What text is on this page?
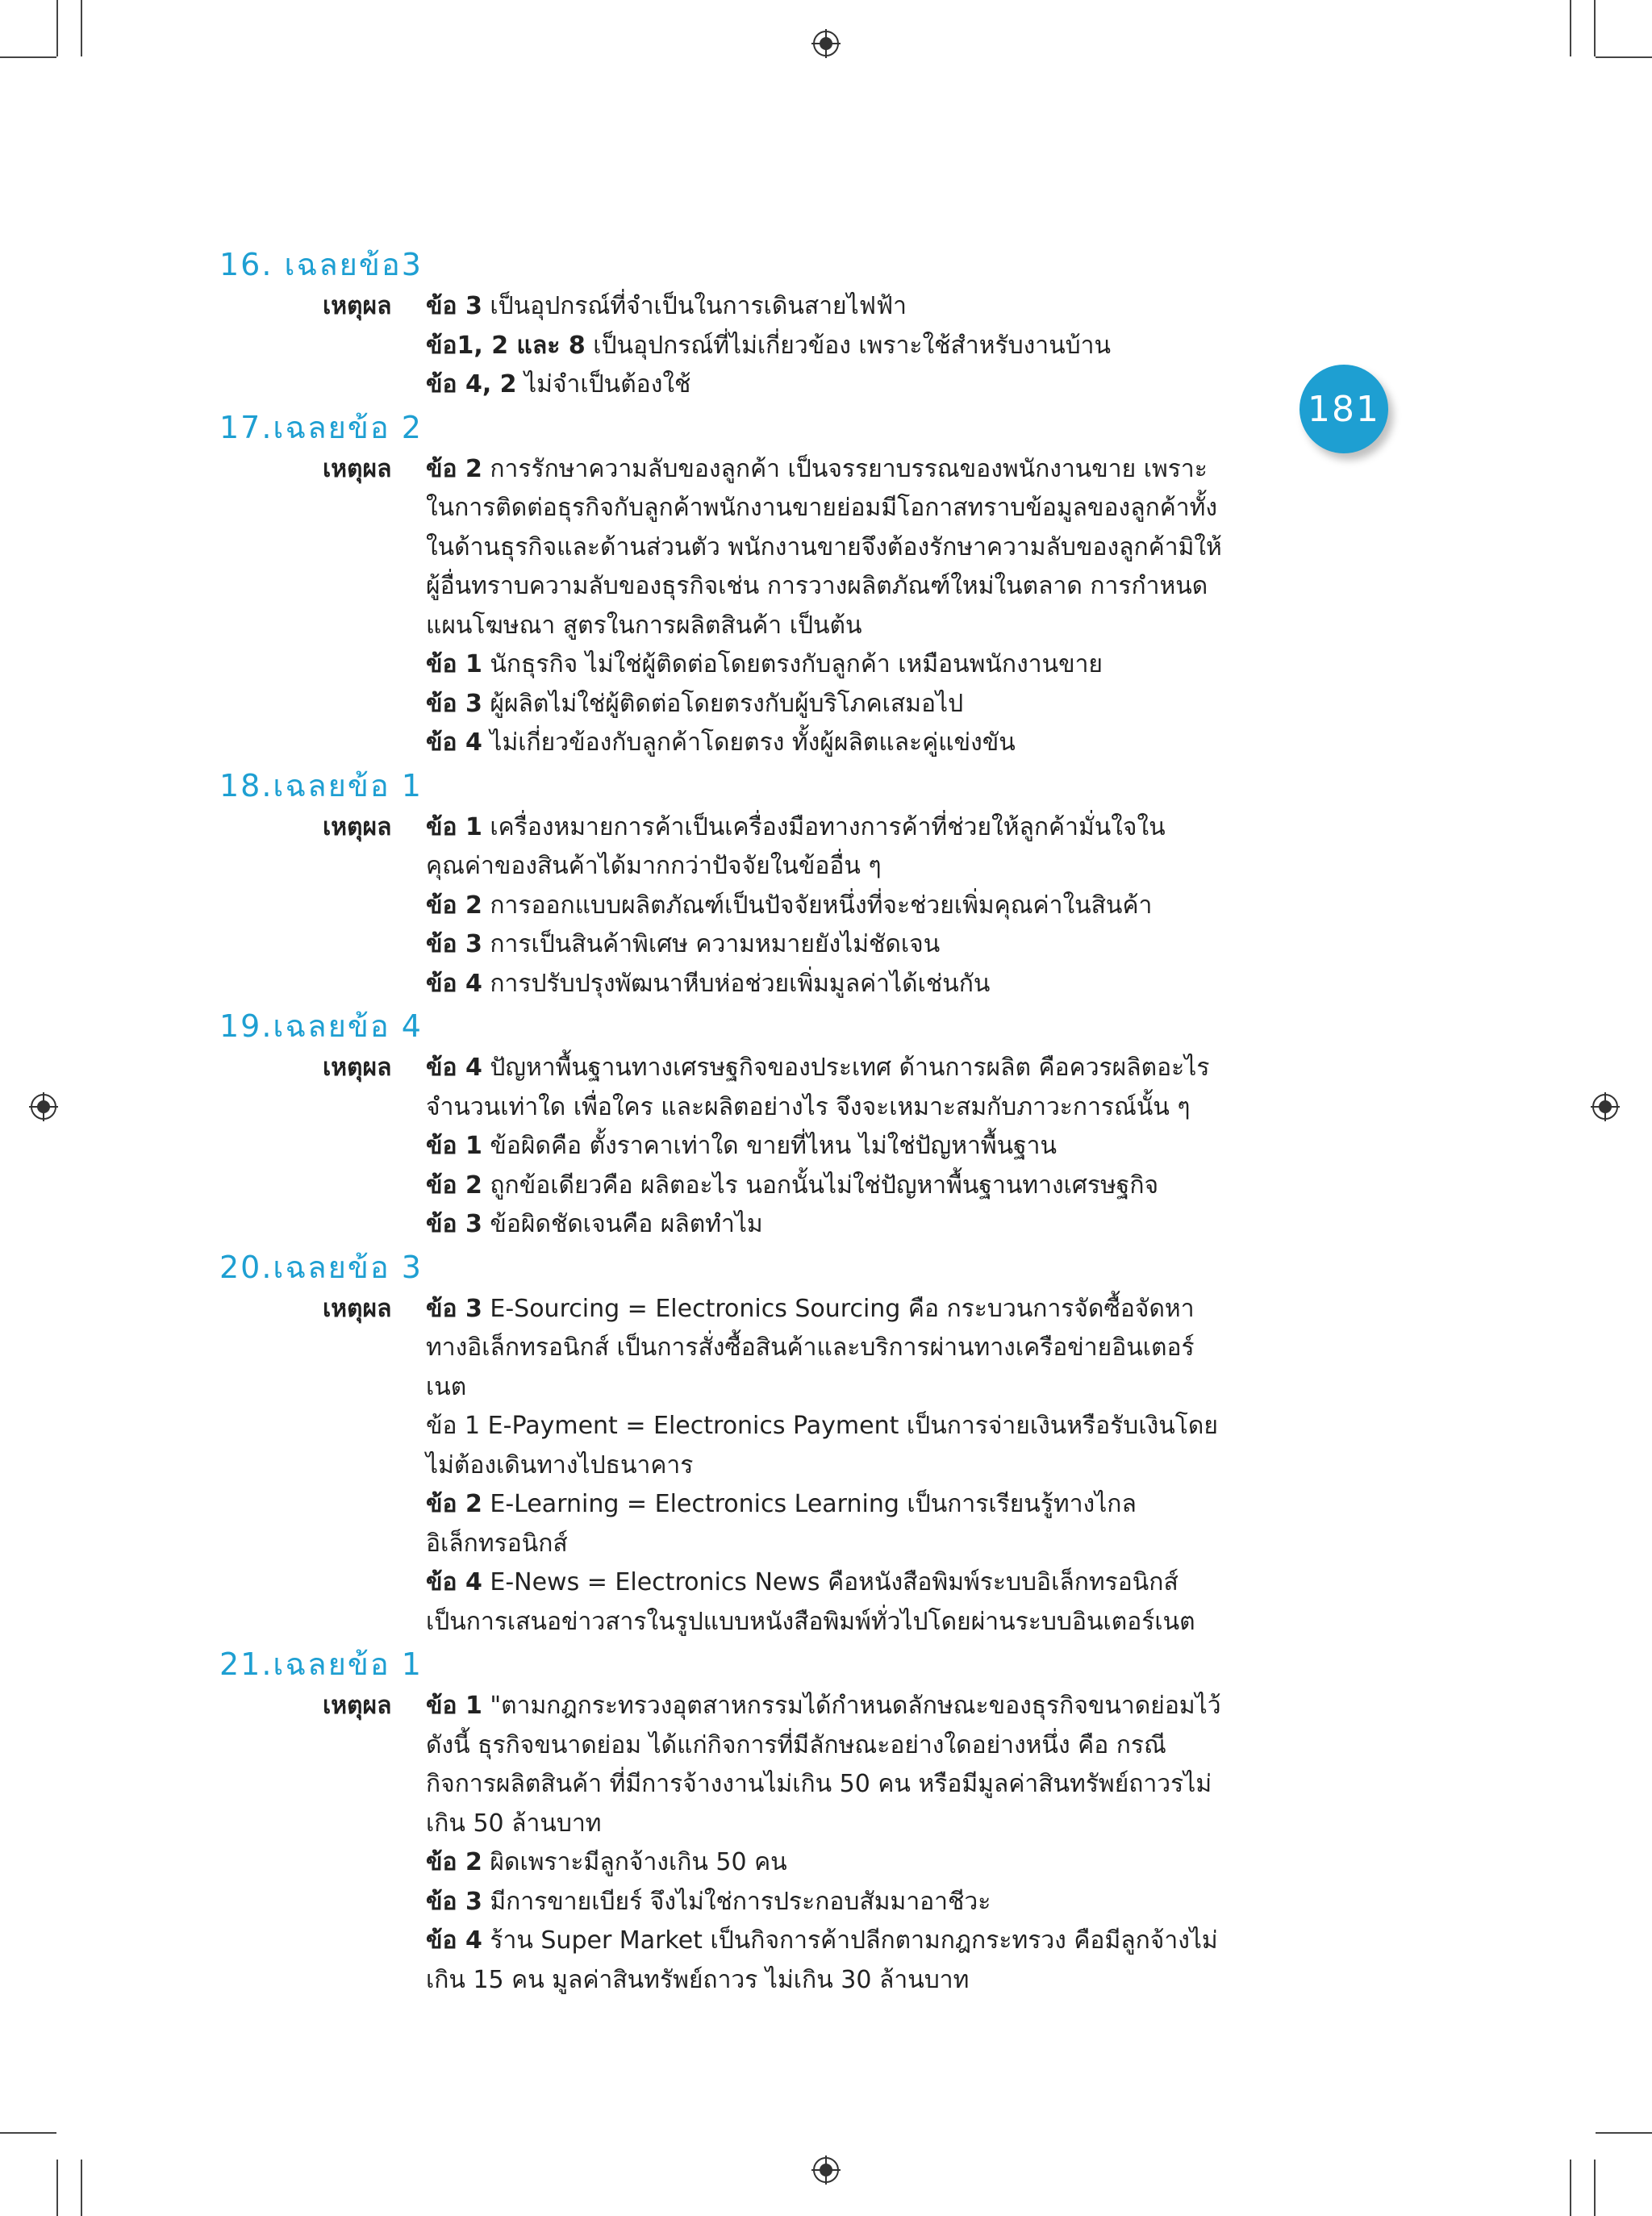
181
16. เฉลยข้อ3
เหตุผล	ข้อ 3 เป็นอุปกรณ์ที่จำเป็นในการเดินสายไฟฟ้า

ข้อ1, 2 และ 8 เป็นอุปกรณ์ที่ไม่เกี่ยวข้อง เพราะใช้สำหรับงานบ้าน

ข้อ 4, 2 ไม่จำเป็นต้องใช้

17.เฉลยข้อ 2
เหตุผล	ข้อ 2 การรักษาความลับของลูกค้า เป็นจรรยาบรรณของพนักงานขาย เพราะในการติดต่อธุรกิจกับลูกค้าพนักงานขายย่อมมีโอกาสทราบข้อมูลของลูกค้าทั้งในด้านธุรกิจและด้านส่วนตัว พนักงานขายจึงต้องรักษาความลับของลูกค้ามิให้ผู้อื่นทราบความลับของธุรกิจเช่น การวางผลิตภัณฑ์ใหม่ในตลาด การกำหนดแผนโฆษณา สูตรในการผลิตสินค้า เป็นต้น

ข้อ 1 นักธุรกิจ ไม่ใช่ผู้ติดต่อโดยตรงกับลูกค้า เหมือนพนักงานขาย

ข้อ 3 ผู้ผลิตไม่ใช่ผู้ติดต่อโดยตรงกับผู้บริโภคเสมอไป

ข้อ 4 ไม่เกี่ยวข้องกับลูกค้าโดยตรง ทั้งผู้ผลิตและคู่แข่งขัน

18.เฉลยข้อ 1
เหตุผล	ข้อ 1 เครื่องหมายการค้าเป็นเครื่องมือทางการค้าที่ช่วยให้ลูกค้ามั่นใจในคุณค่าของสินค้าได้มากกว่าปัจจัยในข้ออื่น ๆ

ข้อ 2 การออกแบบผลิตภัณฑ์เป็นปัจจัยหนึ่งที่จะช่วยเพิ่มคุณค่าในสินค้า

ข้อ 3 การเป็นสินค้าพิเศษ ความหมายยังไม่ชัดเจน

ข้อ 4 การปรับปรุงพัฒนาหีบห่อช่วยเพิ่มมูลค่าได้เช่นกัน

19.เฉลยข้อ 4
เหตุผล	ข้อ 4 ปัญหาพื้นฐานทางเศรษฐกิจของประเทศ ด้านการผลิต คือควรผลิตอะไร จำนวนเท่าใด เพื่อใคร และผลิตอย่างไร จึงจะเหมาะสมกับภาวะการณ์นั้น ๆ

ข้อ 1 ข้อผิดคือ ตั้งราคาเท่าใด ขายที่ไหน ไม่ใช่ปัญหาพื้นฐาน

ข้อ 2 ถูกข้อเดียวคือ ผลิตอะไร นอกนั้นไม่ใช่ปัญหาพื้นฐานทางเศรษฐกิจ

ข้อ 3 ข้อผิดชัดเจนคือ ผลิตทำไม

20.เฉลยข้อ 3
เหตุผล	ข้อ 3 E-Sourcing = Electronics Sourcing คือ กระบวนการจัดซื้อจัดหาทางอิเล็กทรอนิกส์ เป็นการสั่งซื้อสินค้าและบริการผ่านทางเครือข่ายอินเตอร์เนต

ข้อ 1 E-Payment = Electronics Payment เป็นการจ่ายเงินหรือรับเงินโดยไม่ต้องเดินทางไปธนาคาร

ข้อ 2 E-Learning = Electronics Learning เป็นการเรียนรู้ทางไกลอิเล็กทรอนิกส์

ข้อ 4 E-News = Electronics News คือหนังสือพิมพ์ระบบอิเล็กทรอนิกส์ เป็นการเสนอข่าวสารในรูปแบบหนังสือพิมพ์ทั่วไปโดยผ่านระบบอินเตอร์เนต

21.เฉลยข้อ 1
เหตุผล	ข้อ 1 "ตามกฎกระทรวงอุตสาหกรรมได้กำหนดลักษณะของธุรกิจขนาดย่อมไว้ดังนี้ ธุรกิจขนาดย่อม ได้แก่กิจการที่มีลักษณะอย่างใดอย่างหนึ่ง คือ กรณีกิจการผลิตสินค้า ที่มีการจ้างงานไม่เกิน 50 คน หรือมีมูลค่าสินทรัพย์ถาวรไม่เกิน 50 ล้านบาท

ข้อ 2 ผิดเพราะมีลูกจ้างเกิน 50 คน

ข้อ 3 มีการขายเบียร์ จึงไม่ใช่การประกอบสัมมาอาชีวะ

ข้อ 4 ร้าน Super Market เป็นกิจการค้าปลีกตามกฎกระทรวง คือมีลูกจ้างไม่เกิน 15 คน มูลค่าสินทรัพย์ถาวร ไม่เกิน 30 ล้านบาท
